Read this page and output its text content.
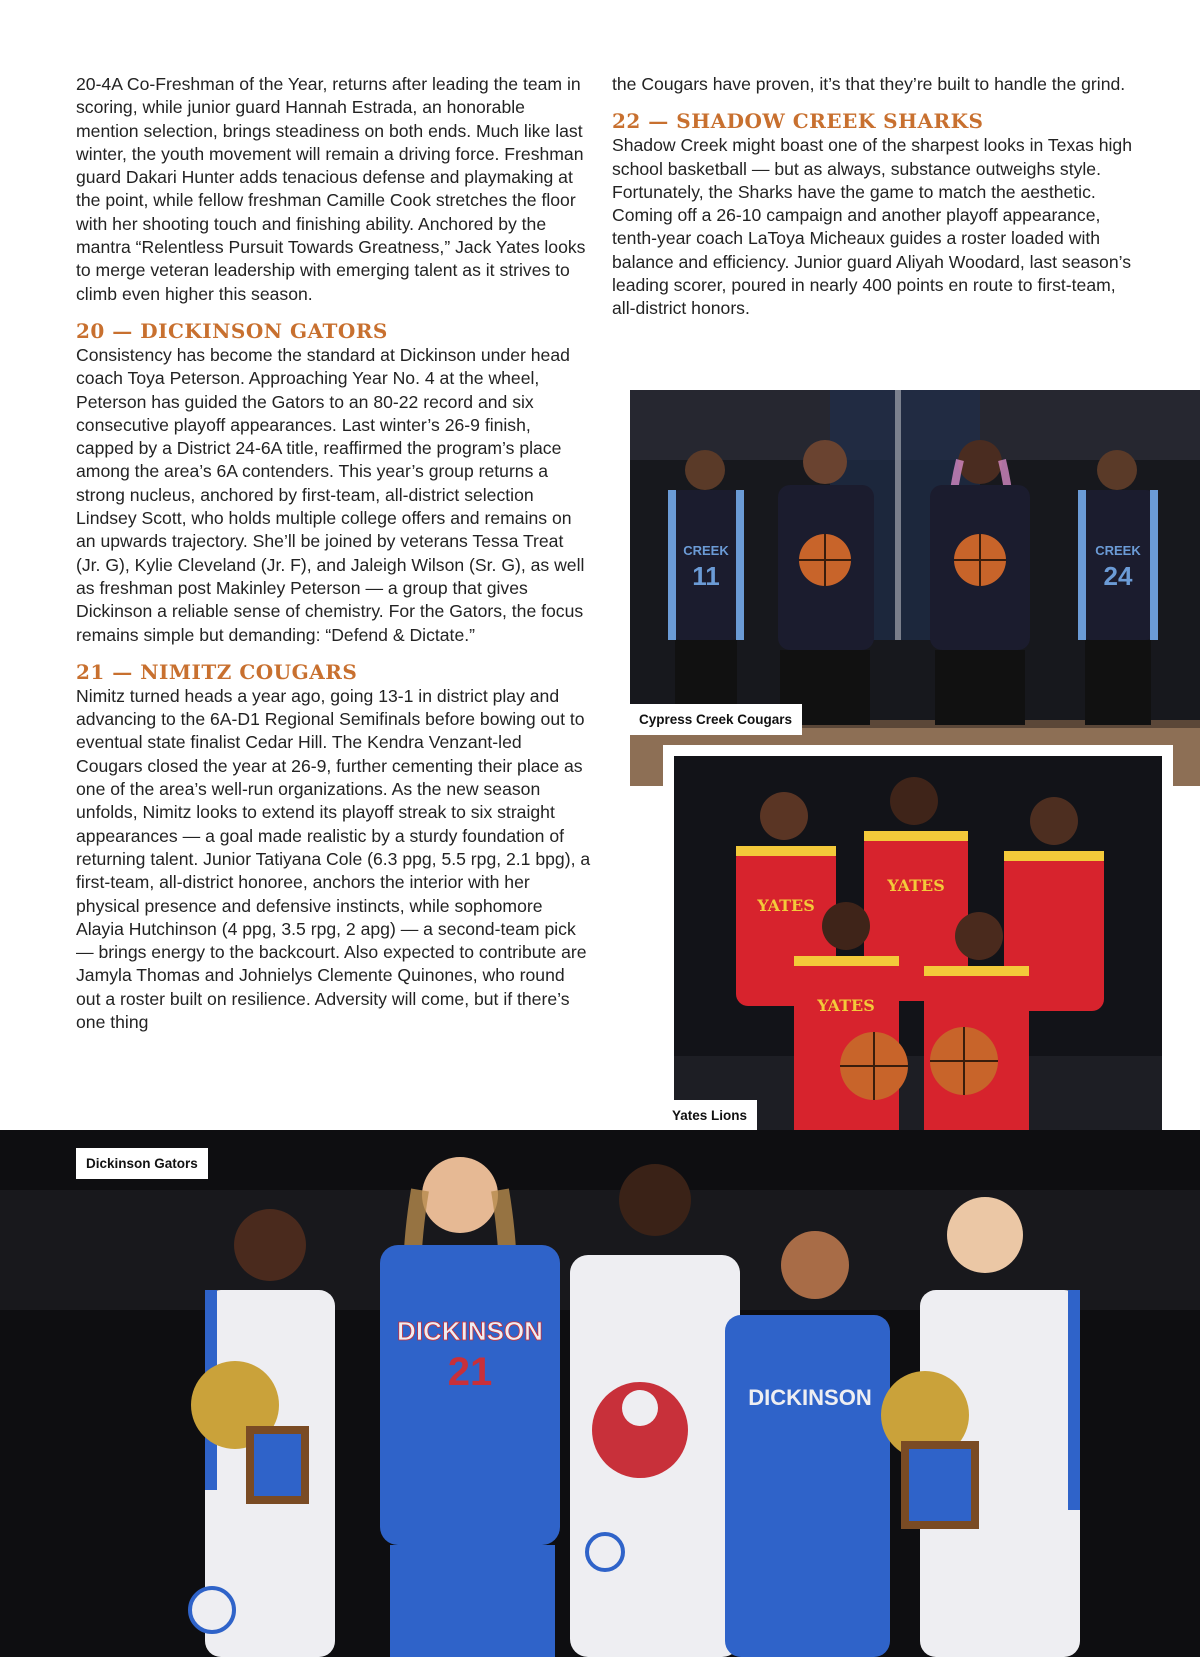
20-4A Co-Freshman of the Year, returns after leading the team in scoring, while junior guard Hannah Estrada, an honorable mention selection, brings steadiness on both ends. Much like last winter, the youth movement will remain a driving force. Freshman guard Dakari Hunter adds tenacious defense and playmaking at the point, while fellow freshman Camille Cook stretches the floor with her shooting touch and finishing ability. Anchored by the mantra “Relentless Pursuit Towards Greatness,” Jack Yates looks to merge veteran leadership with emerging talent as it strives to climb even higher this season.

20 — DICKINSON GATORS

Consistency has become the standard at Dickinson under head coach Toya Peterson. Approaching Year No. 4 at the wheel, Peterson has guided the Gators to an 80-22 record and six consecutive playoff appearances. Last winter’s 26-9 finish, capped by a District 24-6A title, reaffirmed the program’s place among the area’s 6A contenders. This year’s group returns a strong nucleus, anchored by first-team, all-district selection Lindsey Scott, who holds multiple college offers and remains on an upwards trajectory. She’ll be joined by veterans Tessa Treat (Jr. G), Kylie Cleveland (Jr. F), and Jaleigh Wilson (Sr. G), as well as freshman post Makinley Peterson — a group that gives Dickinson a reliable sense of chemistry. For the Gators, the focus remains simple but demanding: “Defend & Dictate.”

21 — NIMITZ COUGARS

Nimitz turned heads a year ago, going 13-1 in district play and advancing to the 6A-D1 Regional Semifinals before bowing out to eventual state finalist Cedar Hill. The Kendra Venzant-led Cougars closed the year at 26-9, further cementing their place as one of the area’s well-run organizations. As the new season unfolds, Nimitz looks to extend its playoff streak to six straight appearances — a goal made realistic by a sturdy foundation of returning talent. Junior Tatiyana Cole (6.3 ppg, 5.5 rpg, 2.1 bpg), a first-team, all-district honoree, anchors the interior with her physical presence and defensive instincts, while sophomore Alayia Hutchinson (4 ppg, 3.5 rpg, 2 apg) — a second-team pick — brings energy to the backcourt. Also expected to contribute are Jamyla Thomas and Johnielys Clemente Quinones, who round out a roster built on resilience. Adversity will come, but if there’s one thing

the Cougars have proven, it’s that they’re built to handle the grind.

22 — SHADOW CREEK SHARKS

Shadow Creek might boast one of the sharpest looks in Texas high school basketball — but as always, substance outweighs style. Fortunately, the Sharks have the game to match the aesthetic. Coming off a 26-10 campaign and another playoff appearance, tenth-year coach LaToya Micheaux guides a roster loaded with balance and efficiency. Junior guard Aliyah Woodard, last season’s leading scorer, poured in nearly 400 points en route to first-team, all-district honors.

CREEK
11
CREEK
24
Cypress Creek Cougars
YATES
YATES
YATES
Yates Lions
DICKINSON
21
DICKINSON
Dickinson Gators
